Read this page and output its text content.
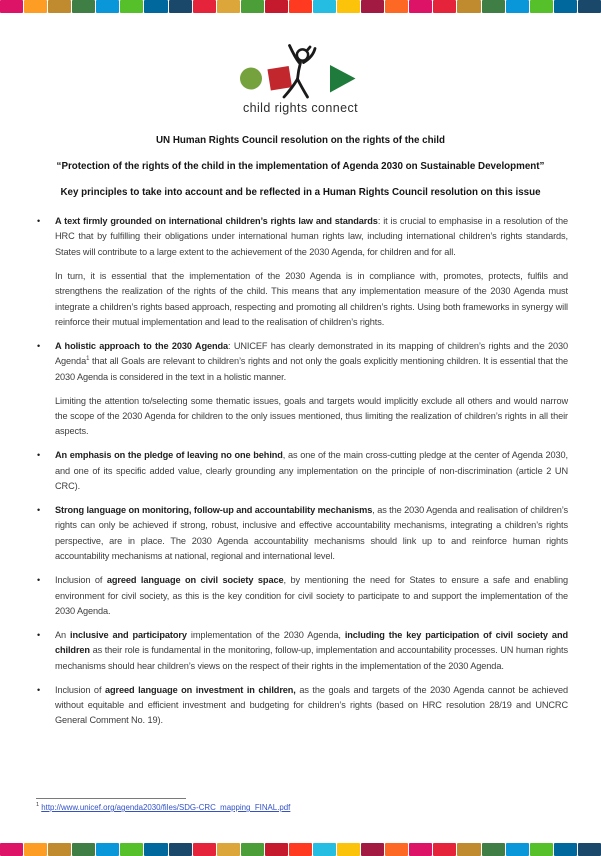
child rights connect
UN Human Rights Council resolution on the rights of the child
“Protection of the rights of the child in the implementation of Agenda 2030 on Sustainable Development”
Key principles to take into account and be reflected in a Human Rights Council resolution on this issue
•	A text firmly grounded on international children’s rights law and standards: it is crucial to emphasise in a resolution of the HRC that by fulfilling their obligations under international human rights law, including international children’s rights standards, States will contribute to a large extent to the achievement of the 2030 Agenda, for children and for all.
In turn, it is essential that the implementation of the 2030 Agenda is in compliance with, promotes, protects, fulfils and strengthens the realization of the rights of the child. This means that any implementation measure of the 2030 Agenda must integrate a children’s rights based approach, respecting and promoting all children’s rights. Using both frameworks in synergy will reinforce their mutual implementation and lead to the realisation of children’s rights.
•	A holistic approach to the 2030 Agenda: UNICEF has clearly demonstrated in its mapping of children’s rights and the 2030 Agenda$^1$ that all Goals are relevant to children’s rights and not only the goals explicitly mentioning children. It is essential that the 2030 Agenda is considered in the text in a holistic manner.
Limiting the attention to/selecting some thematic issues, goals and targets would implicitly exclude all others and would narrow the scope of the 2030 Agenda for children to the only issues mentioned, thus limiting the realization of children’s rights in all their aspects.
•	An emphasis on the pledge of leaving no one behind, as one of the main cross-cutting pledge at the center of Agenda 2030, and one of its specific added value, clearly grounding any implementation on the principle of non-discrimination (article 2 UN CRC).
•	Strong language on monitoring, follow-up and accountability mechanisms, as the 2030 Agenda and realisation of children’s rights can only be achieved if strong, robust, inclusive and effective accountability mechanisms, integrating a children’s rights perspective, are in place. The 2030 Agenda accountability mechanisms should link up to and reinforce human rights accountability mechanisms at national, regional and international level.
•	Inclusion of agreed language on civil society space, by mentioning the need for States to ensure a safe and enabling environment for civil society, as this is the key condition for civil society to participate to and support the implementation of the 2030 Agenda.
•	An inclusive and participatory implementation of the 2030 Agenda, including the key participation of civil society and children as their role is fundamental in the monitoring, follow-up, implementation and accountability processes. UN human rights mechanisms should hear children’s views on the respect of their rights in the implementation of the 2030 Agenda.
•	Inclusion of agreed language on investment in children, as the goals and targets of the 2030 Agenda cannot be achieved without equitable and efficient investment and budgeting for children’s rights (based on HRC resolution 28/19 and UNCRC General Comment No. 19).
$^1$ http://www.unicef.org/agenda2030/files/SDG-CRC_mapping_FINAL.pdf
